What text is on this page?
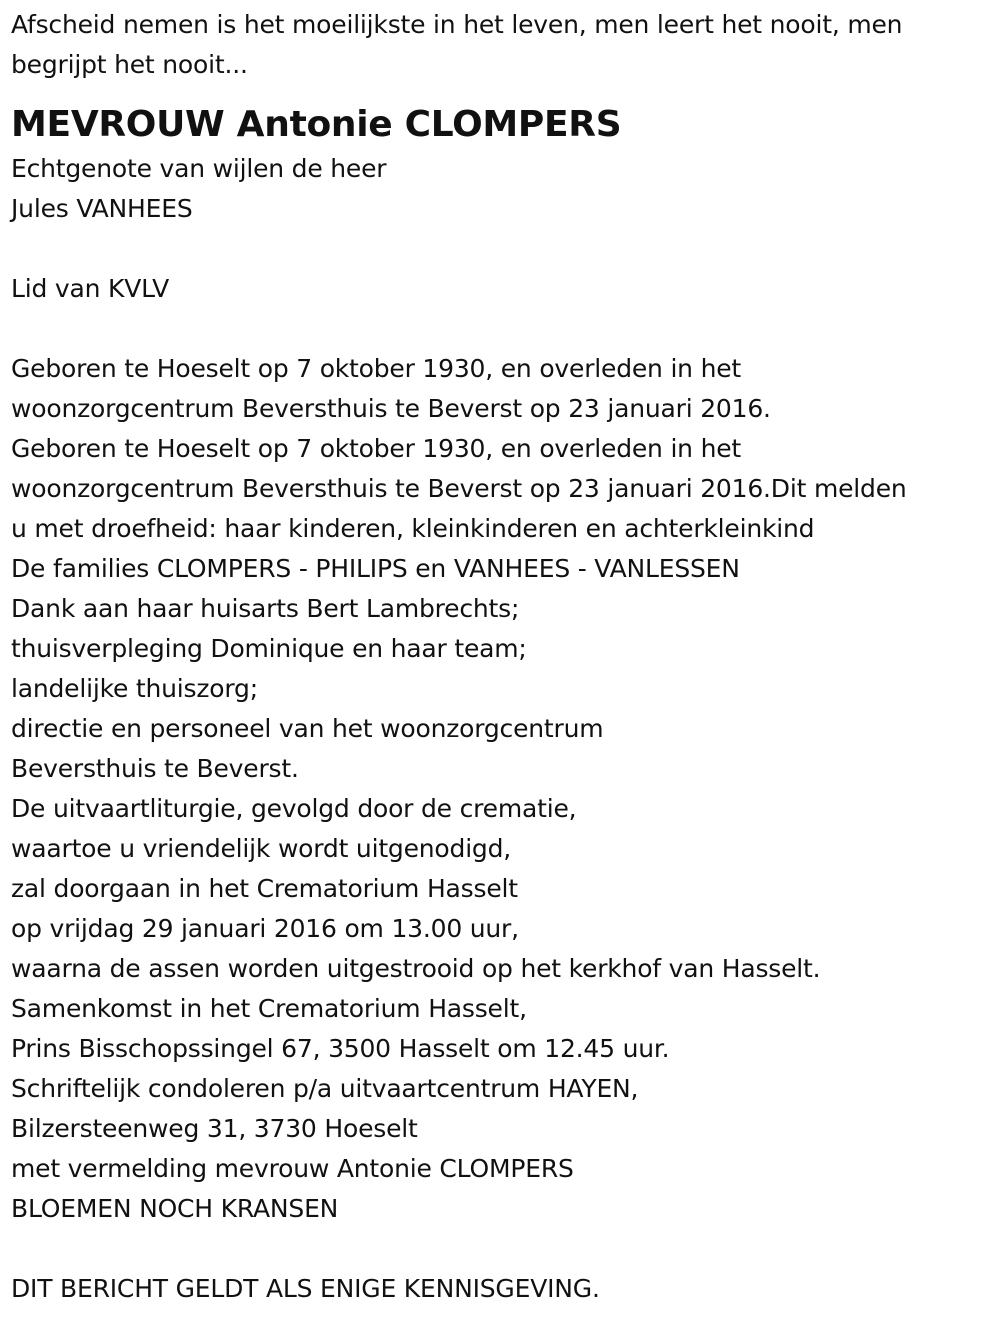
Afscheid nemen is het moeilijkste in het leven, men leert het nooit, men
begrijpt het nooit...
MEVROUW Antonie CLOMPERS
Echtgenote van wijlen de heer
Jules VANHEES
Lid van KVLV
Geboren te Hoeselt op 7 oktober 1930, en overleden in het
woonzorgcentrum Beversthuis te Beverst op 23 januari 2016.
Geboren te Hoeselt op 7 oktober 1930, en overleden in het
woonzorgcentrum Beversthuis te Beverst op 23 januari 2016.Dit melden
u met droefheid: haar kinderen, kleinkinderen en achterkleinkind
De families CLOMPERS - PHILIPS en VANHEES - VANLESSEN
Dank aan haar huisarts Bert Lambrechts;
thuisverpleging Dominique en haar team;
landelijke thuiszorg;
directie en personeel van het woonzorgcentrum
Beversthuis te Beverst.
De uitvaartliturgie, gevolgd door de crematie,
waartoe u vriendelijk wordt uitgenodigd,
zal doorgaan in het Crematorium Hasselt
op vrijdag 29 januari 2016 om 13.00 uur,
waarna de assen worden uitgestrooid op het kerkhof van Hasselt.
Samenkomst in het Crematorium Hasselt,
Prins Bisschopssingel 67, 3500 Hasselt om 12.45 uur.
Schriftelijk condoleren p/a uitvaartcentrum HAYEN,
Bilzersteenweg 31, 3730 Hoeselt
met vermelding mevrouw Antonie CLOMPERS
BLOEMEN NOCH KRANSEN
DIT BERICHT GELDT ALS ENIGE KENNISGEVING.
